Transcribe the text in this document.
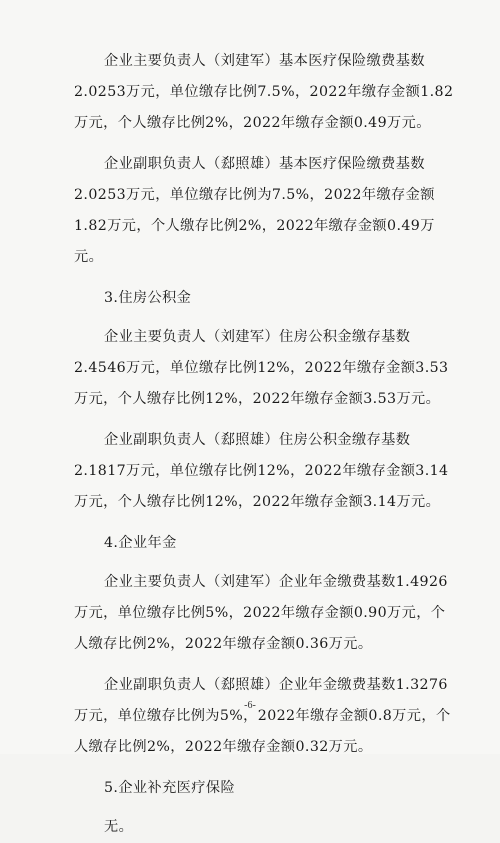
企业主要负责人（刘建军）基本医疗保险缴费基数2.0253万元，单位缴存比例7.5%，2022年缴存金额1.82万元，个人缴存比例2%，2022年缴存金额0.49万元。

企业副职负责人（郄照雄）基本医疗保险缴费基数2.0253万元，单位缴存比例为7.5%，2022年缴存金额1.82万元，个人缴存比例2%，2022年缴存金额0.49万元。

3.住房公积金

企业主要负责人（刘建军）住房公积金缴存基数2.4546万元，单位缴存比例12%，2022年缴存金额3.53万元，个人缴存比例12%，2022年缴存金额3.53万元。

企业副职负责人（郄照雄）住房公积金缴存基数2.1817万元，单位缴存比例12%，2022年缴存金额3.14万元，个人缴存比例12%，2022年缴存金额3.14万元。

4.企业年金

企业主要负责人（刘建军）企业年金缴费基数1.4926万元，单位缴存比例5%，2022年缴存金额0.90万元，个人缴存比例2%，2022年缴存金额0.36万元。

企业副职负责人（郄照雄）企业年金缴费基数1.3276万元，单位缴存比例为5%，2022年缴存金额0.8万元，个人缴存比例2%，2022年缴存金额0.32万元。

5.企业补充医疗保险

无。

-6-
